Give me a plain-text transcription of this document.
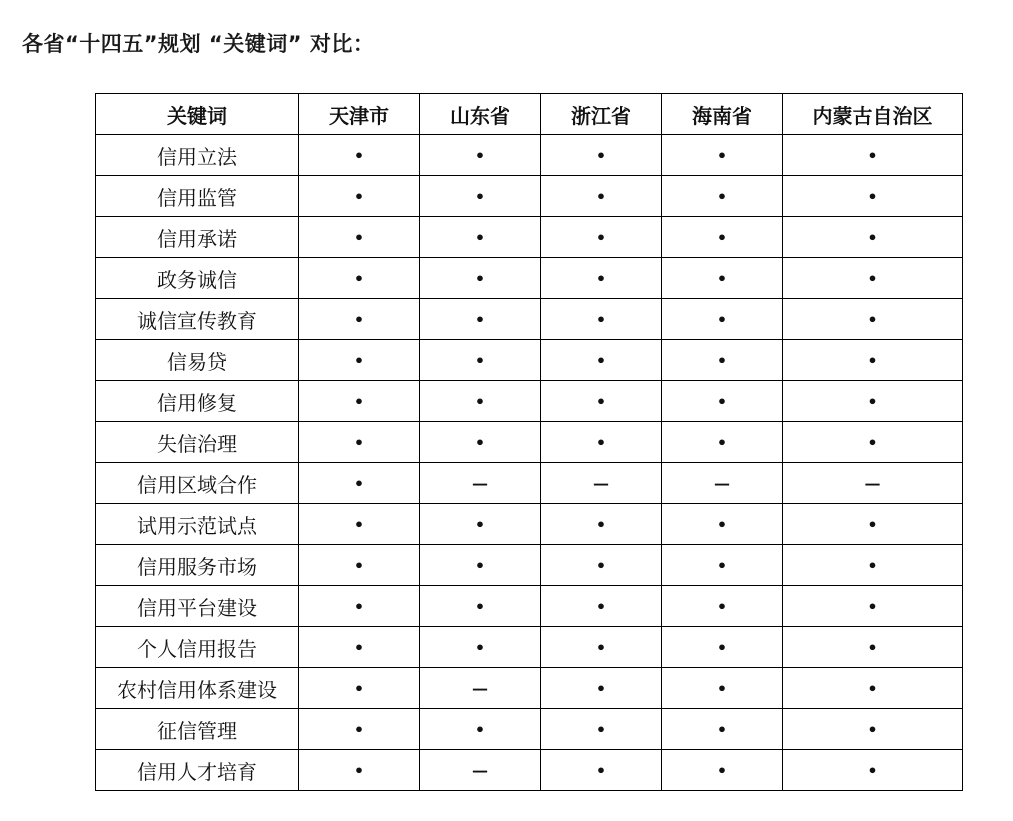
各省“十四五”规划 “关键词” 对比：
关键词	天津市	山东省	浙江省	海南省	内蒙古自治区
信用立法	•	•	•	•	•
信用监管	•	•	•	•	•
信用承诺	•	•	•	•	•
政务诚信	•	•	•	•	•
诚信宣传教育	•	•	•	•	•
信易贷	•	•	•	•	•
信用修复	•	•	•	•	•
失信治理	•	•	•	•	•
信用区域合作	•	—	—	—	—
试用示范试点	•	•	•	•	•
信用服务市场	•	•	•	•	•
信用平台建设	•	•	•	•	•
个人信用报告	•	•	•	•	•
农村信用体系建设	•	—	•	•	•
征信管理	•	•	•	•	•
信用人才培育	•	—	•	•	•
